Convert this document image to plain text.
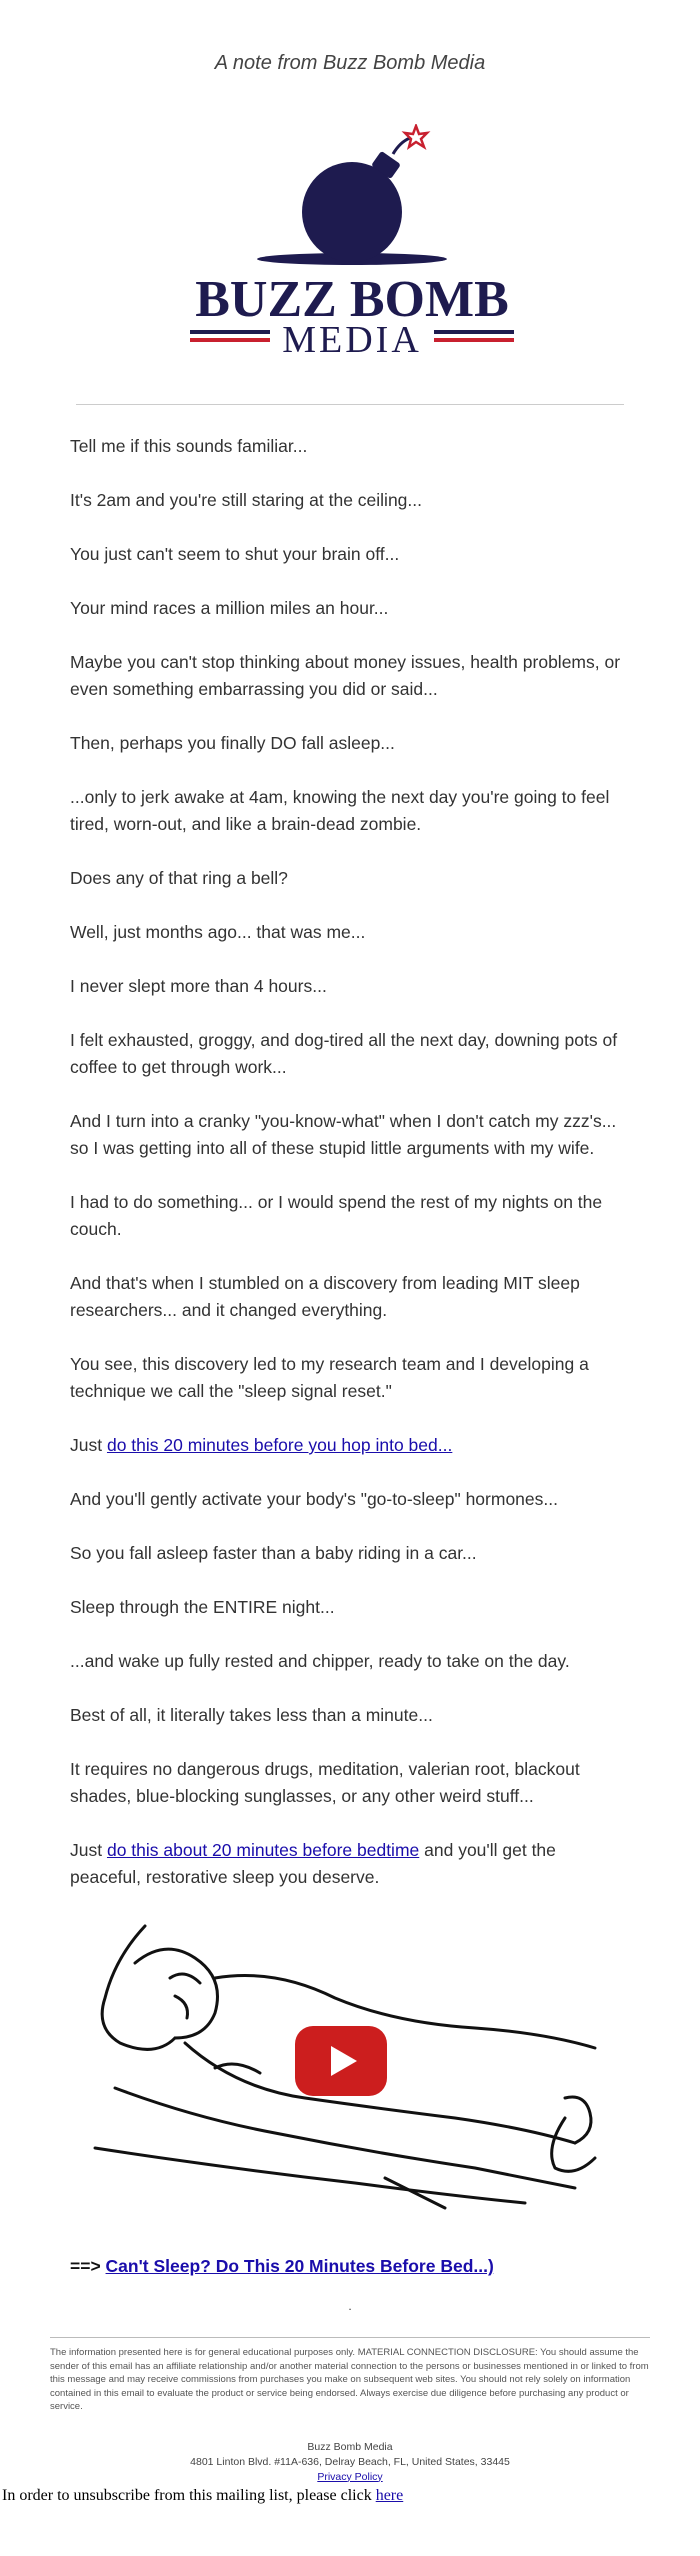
A note from Buzz Bomb Media

BUZZ BOMB
MEDIA

Tell me if this sounds familiar...

It's 2am and you're still staring at the ceiling...

You just can't seem to shut your brain off...

Your mind races a million miles an hour...

Maybe you can't stop thinking about money issues, health problems, or even something embarrassing you did or said...

Then, perhaps you finally DO fall asleep...

...only to jerk awake at 4am, knowing the next day you're going to feel tired, worn-out, and like a brain-dead zombie.

Does any of that ring a bell?

Well, just months ago... that was me...

I never slept more than 4 hours...

I felt exhausted, groggy, and dog-tired all the next day, downing pots of coffee to get through work...

And I turn into a cranky "you-know-what" when I don't catch my zzz's... so I was getting into all of these stupid little arguments with my wife.

I had to do something... or I would spend the rest of my nights on the couch.

And that's when I stumbled on a discovery from leading MIT sleep researchers... and it changed everything.

You see, this discovery led to my research team and I developing a technique we call the "sleep signal reset."

Just do this 20 minutes before you hop into bed...

And you'll gently activate your body's "go-to-sleep" hormones...

So you fall asleep faster than a baby riding in a car...

Sleep through the ENTIRE night...

...and wake up fully rested and chipper, ready to take on the day.

Best of all, it literally takes less than a minute...

It requires no dangerous drugs, meditation, valerian root, blackout shades, blue-blocking sunglasses, or any other weird stuff...

Just do this about 20 minutes before bedtime and you'll get the peaceful, restorative sleep you deserve.

==> Can't Sleep? Do This 20 Minutes Before Bed...)
.
The information presented here is for general educational purposes only. MATERIAL CONNECTION DISCLOSURE: You should assume the sender of this email has an affiliate relationship and/or another material connection to the persons or businesses mentioned in or linked to from this message and may receive commissions from purchases you make on subsequent web sites. You should not rely solely on information contained in this email to evaluate the product or service being endorsed. Always exercise due diligence before purchasing any product or service.
Buzz Bomb Media
4801 Linton Blvd. #11A-636, Delray Beach, FL, United States, 33445
Privacy Policy
In order to unsubscribe from this mailing list, please click here
